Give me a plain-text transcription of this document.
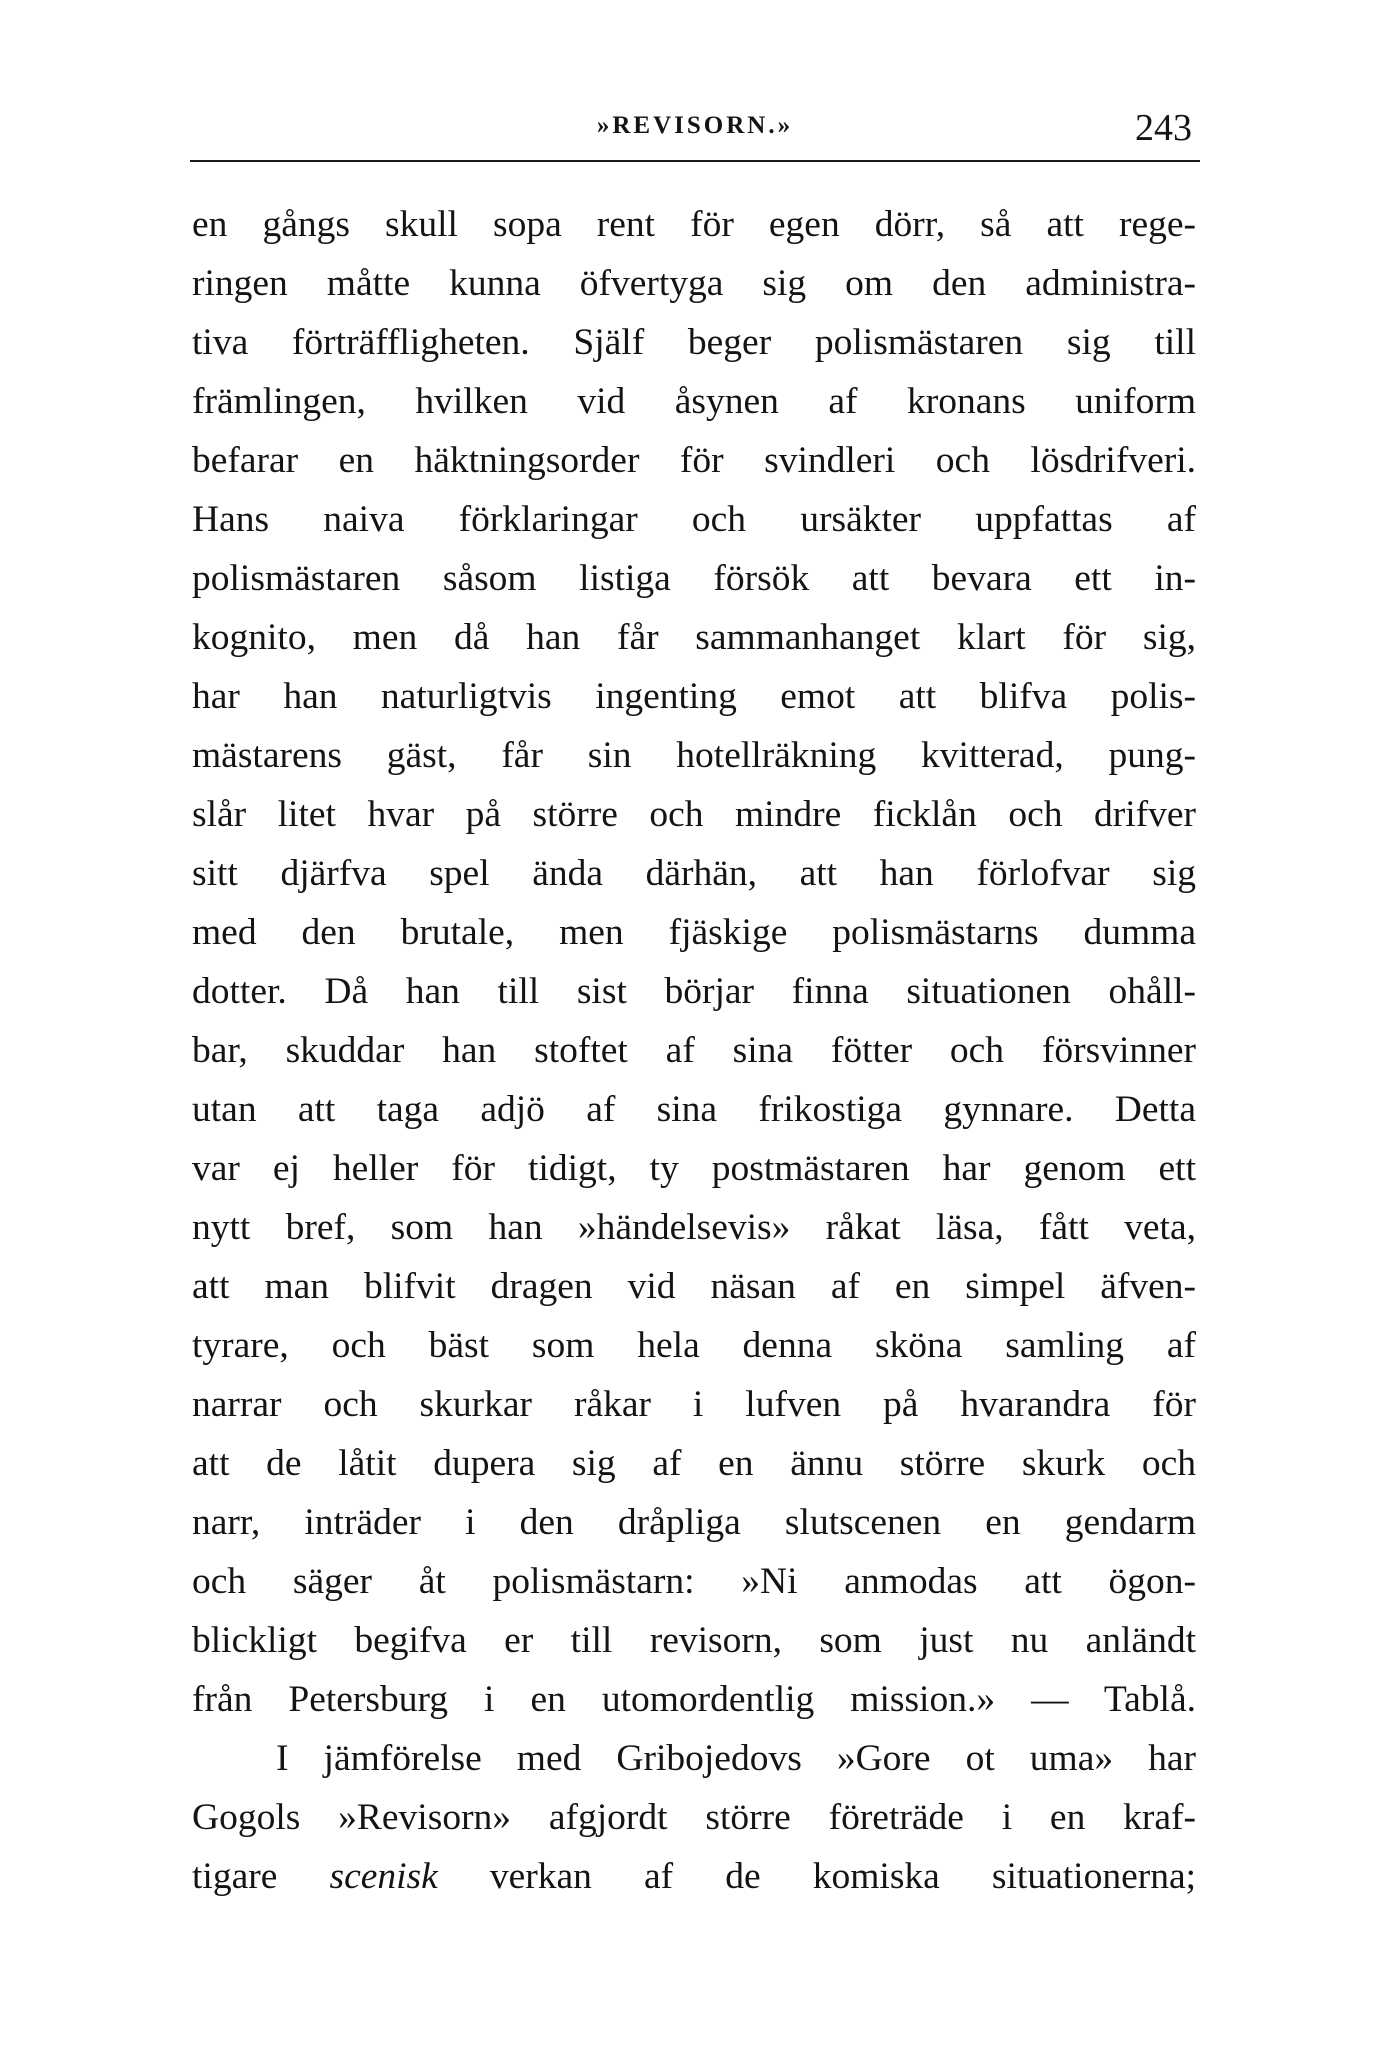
»REVISORN.»	243
en gångs skull sopa rent för egen dörr, så att rege-
ringen måtte kunna öfvertyga sig om den administra-
tiva förträffligheten. Själf beger polismästaren sig till
främlingen, hvilken vid åsynen af kronans uniform
befarar en häktningsorder för svindleri och lösdrifveri.
Hans naiva förklaringar och ursäkter uppfattas af
polismästaren såsom listiga försök att bevara ett in-
kognito, men då han får sammanhanget klart för sig,
har han naturligtvis ingenting emot att blifva polis-
mästarens gäst, får sin hotellräkning kvitterad, pung-
slår litet hvar på större och mindre ficklån och drifver
sitt djärfva spel ända därhän, att han förlofvar sig
med den brutale, men fjäskige polismästarns dumma
dotter. Då han till sist börjar finna situationen ohåll-
bar, skuddar han stoftet af sina fötter och försvinner
utan att taga adjö af sina frikostiga gynnare. Detta
var ej heller för tidigt, ty postmästaren har genom ett
nytt bref, som han »händelsevis» råkat läsa, fått veta,
att man blifvit dragen vid näsan af en simpel äfven-
tyrare, och bäst som hela denna sköna samling af
narrar och skurkar råkar i lufven på hvarandra för
att de låtit dupera sig af en ännu större skurk och
narr, inträder i den dråpliga slutscenen en gendarm
och säger åt polismästarn: »Ni anmodas att ögon-
blickligt begifva er till revisorn, som just nu anländt
från Petersburg i en utomordentlig mission.» — Tablå.
I jämförelse med Gribojedovs »Gore ot uma» har
Gogols »Revisorn» afgjordt större företräde i en kraf-
tigare scenisk verkan af de komiska situationerna;
